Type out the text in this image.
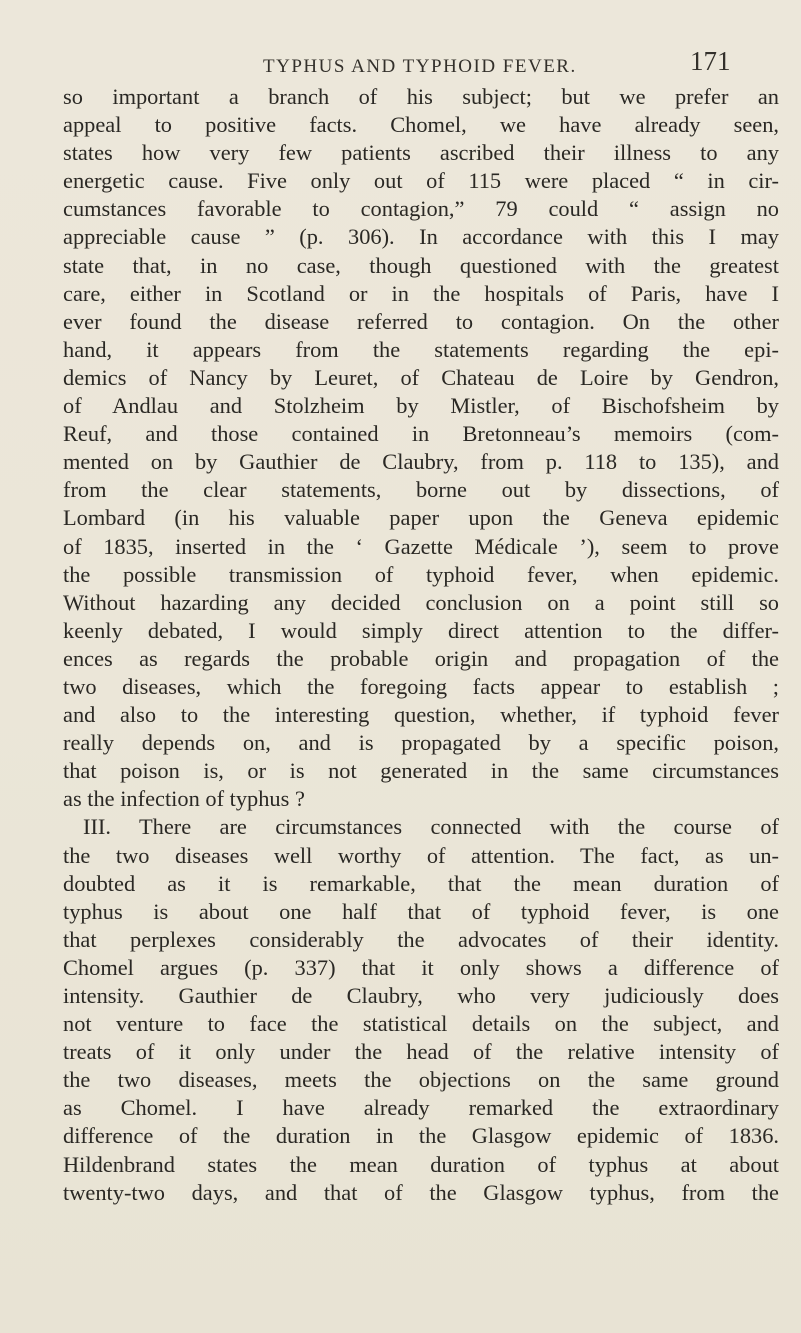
TYPHUS AND TYPHOID FEVER.	171
so important a branch of his subject; but we prefer an
appeal to positive facts. Chomel, we have already seen,
states how very few patients ascribed their illness to any
energetic cause. Five only out of 115 were placed “ in cir-
cumstances favorable to contagion,” 79 could “ assign no
appreciable cause ” (p. 306). In accordance with this I may
state that, in no case, though questioned with the greatest
care, either in Scotland or in the hospitals of Paris, have I
ever found the disease referred to contagion. On the other
hand, it appears from the statements regarding the epi-
demics of Nancy by Leuret, of Chateau de Loire by Gendron,
of Andlau and Stolzheim by Mistler, of Bischofsheim by
Reuf, and those contained in Bretonneau’s memoirs (com-
mented on by Gauthier de Claubry, from p. 118 to 135), and
from the clear statements, borne out by dissections, of
Lombard (in his valuable paper upon the Geneva epidemic
of 1835, inserted in the ‘ Gazette Médicale ’), seem to prove
the possible transmission of typhoid fever, when epidemic.
Without hazarding any decided conclusion on a point still so
keenly debated, I would simply direct attention to the differ-
ences as regards the probable origin and propagation of the
two diseases, which the foregoing facts appear to establish ;
and also to the interesting question, whether, if typhoid fever
really depends on, and is propagated by a specific poison,
that poison is, or is not generated in the same circumstances
as the infection of typhus ?
III. There are circumstances connected with the course of
the two diseases well worthy of attention. The fact, as un-
doubted as it is remarkable, that the mean duration of
typhus is about one half that of typhoid fever, is one
that perplexes considerably the advocates of their identity.
Chomel argues (p. 337) that it only shows a difference of
intensity. Gauthier de Claubry, who very judiciously does
not venture to face the statistical details on the subject, and
treats of it only under the head of the relative intensity of
the two diseases, meets the objections on the same ground
as Chomel. I have already remarked the extraordinary
difference of the duration in the Glasgow epidemic of 1836.
Hildenbrand states the mean duration of typhus at about
twenty-two days, and that of the Glasgow typhus, from the
